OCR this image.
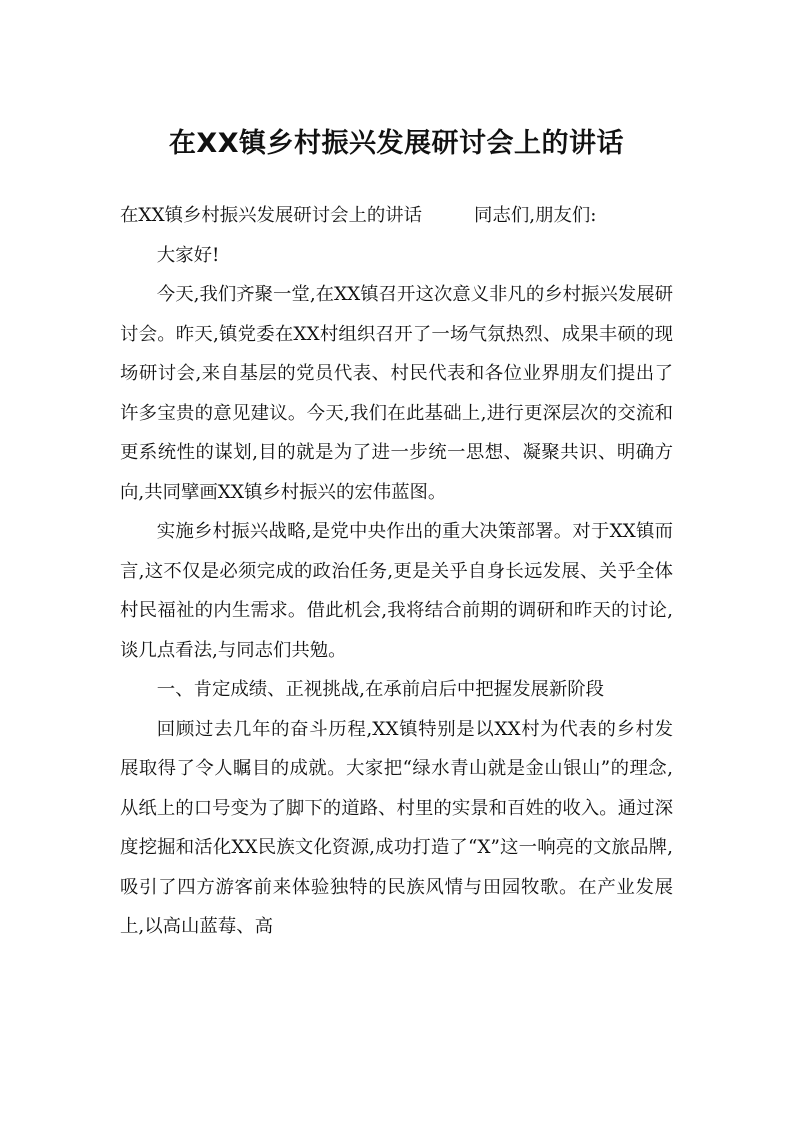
在XX镇乡村振兴发展研讨会上的讲话

在XX镇乡村振兴发展研讨会上的讲话	同志们,朋友们:

大家好!

今天,我们齐聚一堂,在XX镇召开这次意义非凡的乡村振兴发展研讨会。昨天,镇党委在XX村组织召开了一场气氛热烈、成果丰硕的现场研讨会,来自基层的党员代表、村民代表和各位业界朋友们提出了许多宝贵的意见建议。今天,我们在此基础上,进行更深层次的交流和更系统性的谋划,目的就是为了进一步统一思想、凝聚共识、明确方向,共同擘画XX镇乡村振兴的宏伟蓝图。

实施乡村振兴战略,是党中央作出的重大决策部署。对于XX镇而言,这不仅是必须完成的政治任务,更是关乎自身长远发展、关乎全体村民福祉的内生需求。借此机会,我将结合前期的调研和昨天的讨论,谈几点看法,与同志们共勉。

一、肯定成绩、正视挑战,在承前启后中把握发展新阶段

回顾过去几年的奋斗历程,XX镇特别是以XX村为代表的乡村发展取得了令人瞩目的成就。大家把“绿水青山就是金山银山”的理念,从纸上的口号变为了脚下的道路、村里的实景和百姓的收入。通过深度挖掘和活化XX民族文化资源,成功打造了“X”这一响亮的文旅品牌,吸引了四方游客前来体验独特的民族风情与田园牧歌。在产业发展上,以高山蓝莓、高
